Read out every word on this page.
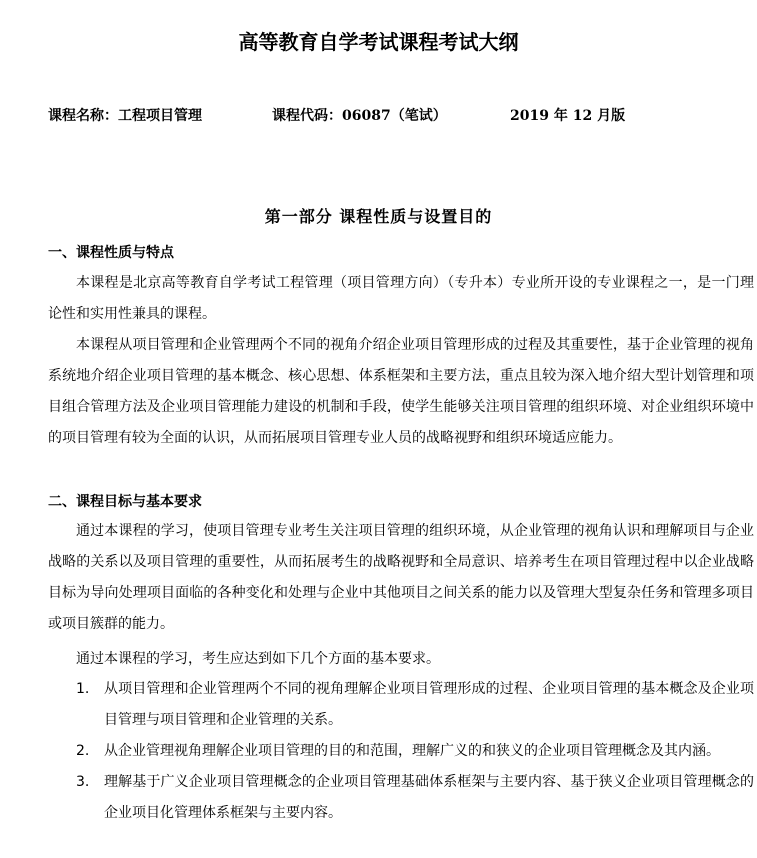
高等教育自学考试课程考试大纲
课程名称：工程项目管理	课程代码：06087（笔试）	2019 年 12 月版
第一部分 课程性质与设置目的
一、课程性质与特点

本课程是北京高等教育自学考试工程管理（项目管理方向）（专升本）专业所开设的专业课程之一，是一门理论性和实用性兼具的课程。

本课程从项目管理和企业管理两个不同的视角介绍企业项目管理形成的过程及其重要性，基于企业管理的视角系统地介绍企业项目管理的基本概念、核心思想、体系框架和主要方法，重点且较为深入地介绍大型计划管理和项目组合管理方法及企业项目管理能力建设的机制和手段，使学生能够关注项目管理的组织环境、对企业组织环境中的项目管理有较为全面的认识，从而拓展项目管理专业人员的战略视野和组织环境适应能力。

二、课程目标与基本要求

通过本课程的学习，使项目管理专业考生关注项目管理的组织环境，从企业管理的视角认识和理解项目与企业战略的关系以及项目管理的重要性，从而拓展考生的战略视野和全局意识、培养考生在项目管理过程中以企业战略目标为导向处理项目面临的各种变化和处理与企业中其他项目之间关系的能力以及管理大型复杂任务和管理多项目或项目簇群的能力。

通过本课程的学习，考生应达到如下几个方面的基本要求。

1. 从项目管理和企业管理两个不同的视角理解企业项目管理形成的过程、企业项目管理的基本概念及企业项目管理与项目管理和企业管理的关系。
2. 从企业管理视角理解企业项目管理的目的和范围，理解广义的和狭义的企业项目管理概念及其内涵。
3. 理解基于广义企业项目管理概念的企业项目管理基础体系框架与主要内容、基于狭义企业项目管理概念的企业项目化管理体系框架与主要内容。
